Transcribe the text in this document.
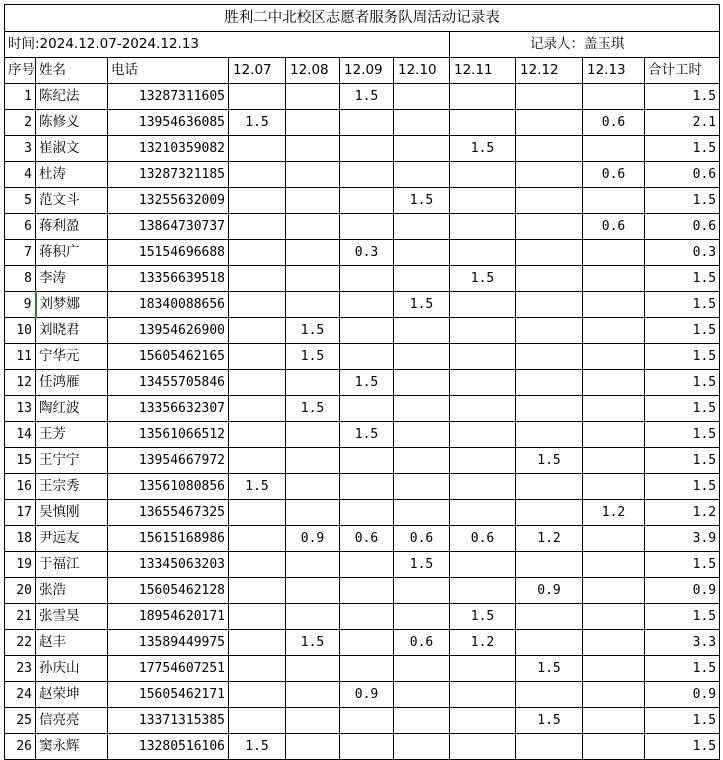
胜利二中北校区志愿者服务队周活动记录表										
时间:2024.12.07-2024.12.13							记录人：盖玉琪			
序号	姓名	电话	12.07	12.08	12.09	12.10	12.11	12.12	12.13	合计工时
1	陈纪法	13287311605			1.5					1.5
2	陈修义	13954636085	1.5						0.6	2.1
3	崔淑文	13210359082					1.5			1.5
4	杜涛	13287321185							0.6	0.6
5	范文斗	13255632009				1.5				1.5
6	蒋利盈	13864730737							0.6	0.6
7	蒋积广	15154696688			0.3					0.3
8	李涛	13356639518					1.5			1.5
9	刘梦娜	18340088656				1.5				1.5
10	刘晓君	13954626900		1.5						1.5
11	宁华元	15605462165		1.5						1.5
12	任鸿雁	13455705846			1.5					1.5
13	陶红波	13356632307		1.5						1.5
14	王芳	13561066512			1.5					1.5
15	王宁宁	13954667972						1.5		1.5
16	王宗秀	13561080856	1.5							1.5
17	吴慎刚	13655467325							1.2	1.2
18	尹远友	15615168986		0.9	0.6	0.6	0.6	1.2		3.9
19	于福江	13345063203				1.5				1.5
20	张浩	15605462128						0.9		0.9
21	张雪昊	18954620171					1.5			1.5
22	赵丰	13589449975		1.5		0.6	1.2			3.3
23	孙庆山	17754607251						1.5		1.5
24	赵荣坤	15605462171			0.9					0.9
25	信亮亮	13371315385						1.5		1.5
26	窦永辉	13280516106	1.5							1.5
